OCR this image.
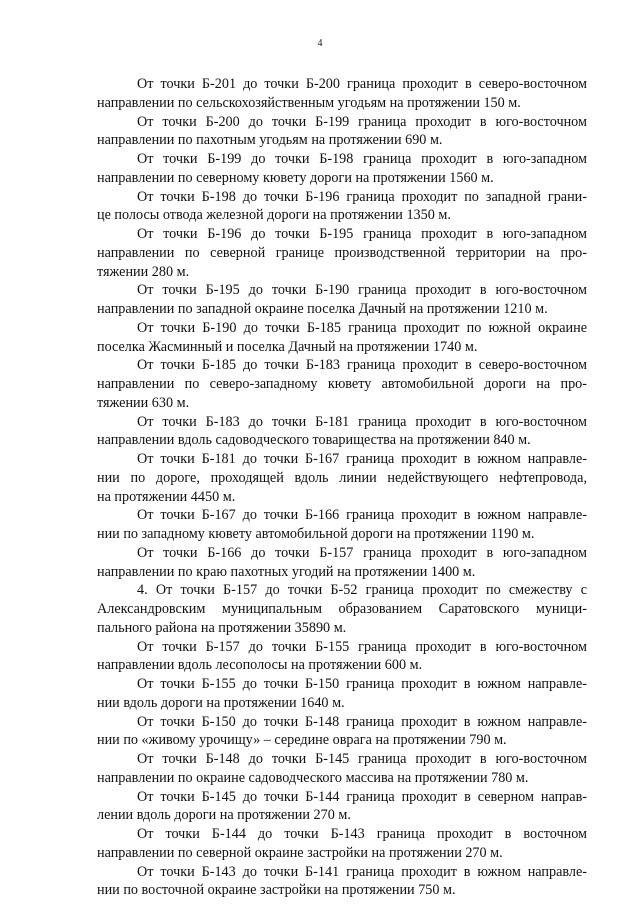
4
От точки Б-201 до точки Б-200 граница проходит в северо-восточном
направлении по сельскохозяйственным угодьям на протяжении 150 м.
От точки Б-200 до точки Б-199 граница проходит в юго-восточном
направлении по пахотным угодьям на протяжении 690 м.
От точки Б-199 до точки Б-198 граница проходит в юго-западном
направлении по северному кювету дороги на протяжении 1560 м.
От точки Б-198 до точки Б-196 граница проходит по западной грани-
це полосы отвода железной дороги на протяжении 1350 м.
От точки Б-196 до точки Б-195 граница проходит в юго-западном
направлении по северной границе производственной территории на про-
тяжении 280 м.
От точки Б-195 до точки Б-190 граница проходит в юго-восточном
направлении по западной окраине поселка Дачный на протяжении 1210 м.
От точки Б-190 до точки Б-185 граница проходит по южной окраине
поселка Жасминный и поселка Дачный на протяжении 1740 м.
От точки Б-185 до точки Б-183 граница проходит в северо-восточном
направлении по северо-западному кювету автомобильной дороги на про-
тяжении 630 м.
От точки Б-183 до точки Б-181 граница проходит в юго-восточном
направлении вдоль садоводческого товарищества на протяжении 840 м.
От точки Б-181 до точки Б-167 граница проходит в южном направле-
нии по дороге, проходящей вдоль линии недействующего нефтепровода,
на протяжении 4450 м.
От точки Б-167 до точки Б-166 граница проходит в южном направле-
нии по западному кювету автомобильной дороги на протяжении 1190 м.
От точки Б-166 до точки Б-157 граница проходит в юго-западном
направлении по краю пахотных угодий на протяжении 1400 м.
4. От точки Б-157 до точки Б-52 граница проходит по смежеству с
Александровским муниципальным образованием Саратовского муници-
пального района на протяжении 35890 м.
От точки Б-157 до точки Б-155 граница проходит в юго-восточном
направлении вдоль лесополосы на протяжении 600 м.
От точки Б-155 до точки Б-150 граница проходит в южном направле-
нии вдоль дороги на протяжении 1640 м.
От точки Б-150 до точки Б-148 граница проходит в южном направле-
нии по «живому урочищу» – середине оврага на протяжении 790 м.
От точки Б-148 до точки Б-145 граница проходит в юго-восточном
направлении по окраине садоводческого массива на протяжении 780 м.
От точки Б-145 до точки Б-144 граница проходит в северном направ-
лении вдоль дороги на протяжении 270 м.
От точки Б-144 до точки Б-143 граница проходит в восточном
направлении по северной окраине застройки на протяжении 270 м.
От точки Б-143 до точки Б-141 граница проходит в южном направле-
нии по восточной окраине застройки на протяжении 750 м.
